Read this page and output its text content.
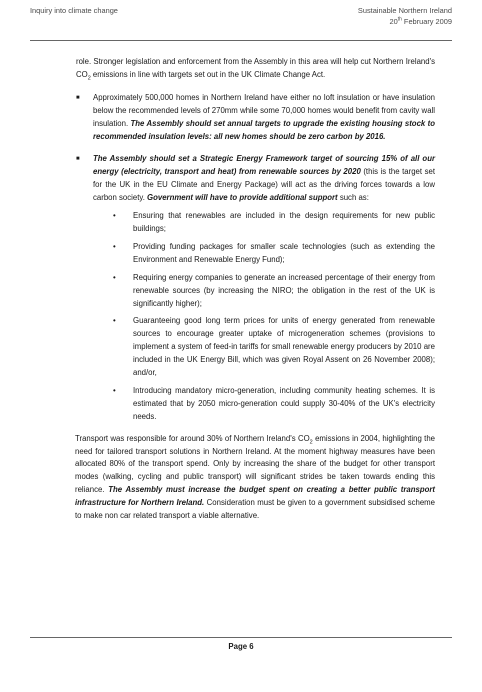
Inquiry into climate change	Sustainable Northern Ireland
20th February 2009

role. Stronger legislation and enforcement from the Assembly in this area will help cut Northern Ireland's $CO_2$ emissions in line with targets set out in the UK Climate Change Act.

■ Approximately 500,000 homes in Northern Ireland have either no loft insulation or have insulation below the recommended levels of 270mm while some 70,000 homes would benefit from cavity wall insulation. The Assembly should set annual targets to upgrade the existing housing stock to recommended insulation levels: all new homes should be zero carbon by 2016.

■ The Assembly should set a Strategic Energy Framework target of sourcing 15% of all our energy (electricity, transport and heat) from renewable sources by 2020 (this is the target set for the UK in the EU Climate and Energy Package) will act as the driving forces towards a low carbon society. Government will have to provide additional support such as:

• Ensuring that renewables are included in the design requirements for new public buildings;

• Providing funding packages for smaller scale technologies (such as extending the Environment and Renewable Energy Fund);

• Requiring energy companies to generate an increased percentage of their energy from renewable sources (by increasing the NIRO; the obligation in the rest of the UK is significantly higher);

• Guaranteeing good long term prices for units of energy generated from renewable sources to encourage greater uptake of microgeneration schemes (provisions to implement a system of feed-in tariffs for small renewable energy producers by 2010 are included in the UK Energy Bill, which was given Royal Assent on 26 November 2008); and/or,

• Introducing mandatory micro-generation, including community heating schemes. It is estimated that by 2050 micro-generation could supply 30-40% of the UK's electricity needs.

Transport was responsible for around 30% of Northern Ireland's $CO_2$ emissions in 2004, highlighting the need for tailored transport solutions in Northern Ireland. At the moment highway measures have been allocated 80% of the transport spend. Only by increasing the share of the budget for other transport modes (walking, cycling and public transport) will significant strides be taken towards ending this reliance. The Assembly must increase the budget spent on creating a better public transport infrastructure for Northern Ireland. Consideration must be given to a government subsidised scheme to make non car related transport a viable alternative.

Page 6
